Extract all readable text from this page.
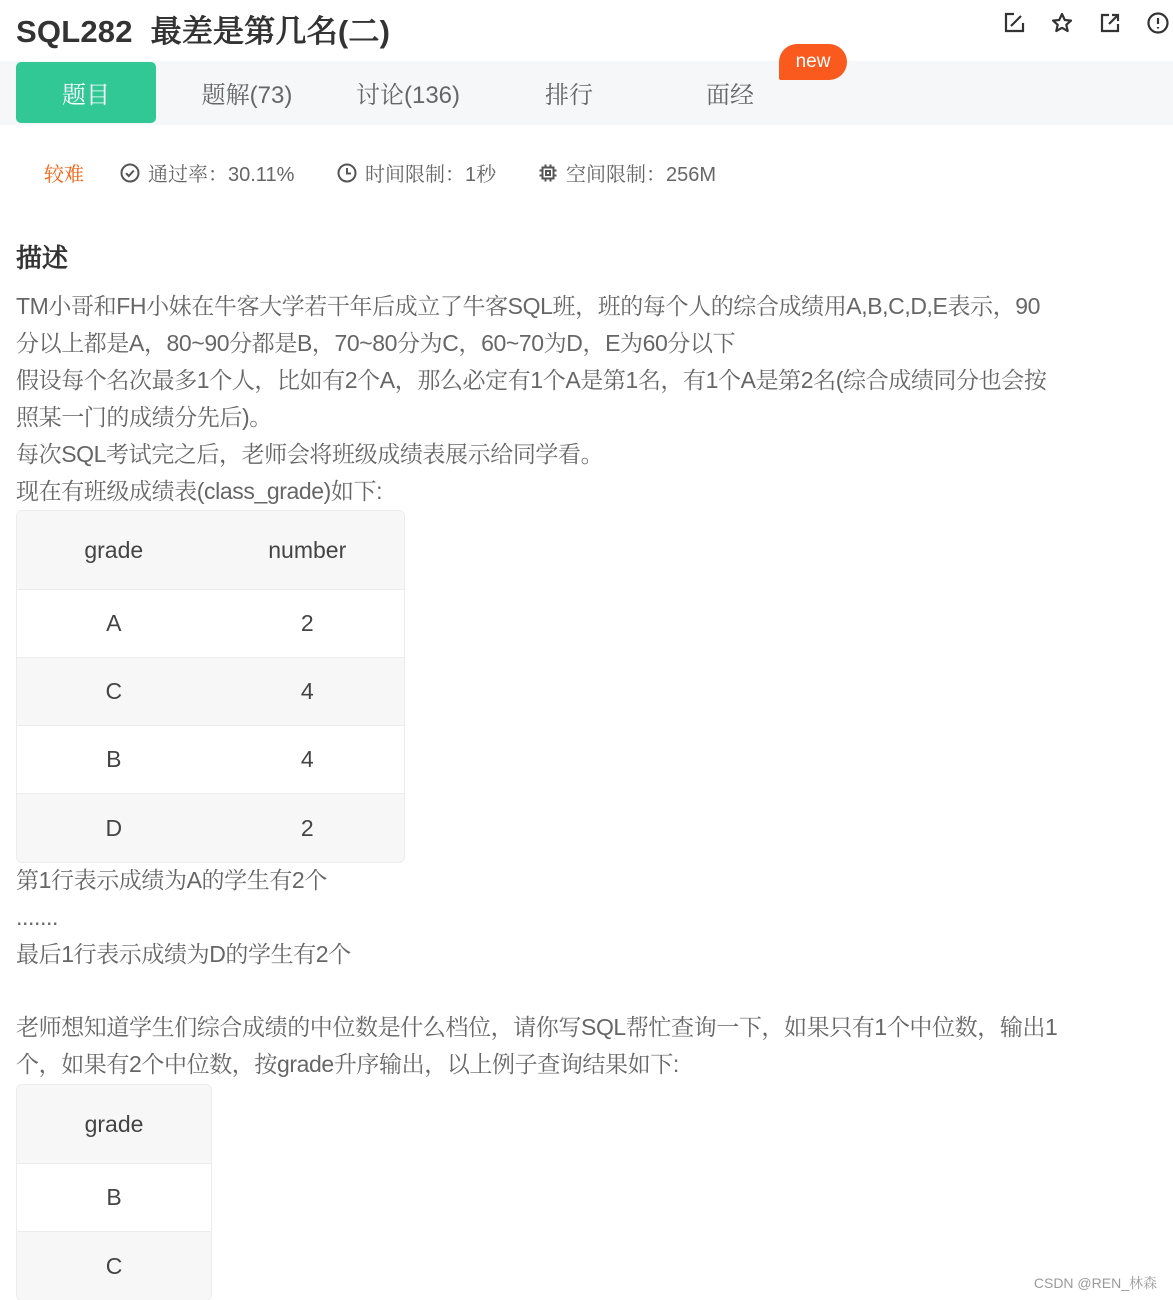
SQL282 最差是第几名(二)
题目	题解(73)	讨论(136)	排行	面经
new
较难	通过率：30.11%	时间限制：1秒	空间限制：256M
描述

TM小哥和FH小妹在牛客大学若干年后成立了牛客SQL班，班的每个人的综合成绩用A,B,C,D,E表示，90

分以上都是A，80~90分都是B，70~80分为C，60~70为D，E为60分以下

假设每个名次最多1个人，比如有2个A，那么必定有1个A是第1名，有1个A是第2名(综合成绩同分也会按

照某一门的成绩分先后)。

每次SQL考试完之后，老师会将班级成绩表展示给同学看。

现在有班级成绩表(class_grade)如下:

grade	number
A	2
C	4
B	4
D	2

第1行表示成绩为A的学生有2个

.......

最后1行表示成绩为D的学生有2个

老师想知道学生们综合成绩的中位数是什么档位，请你写SQL帮忙查询一下，如果只有1个中位数，输出1

个，如果有2个中位数，按grade升序输出，以上例子查询结果如下:

grade
B
C
CSDN @REN_林森
